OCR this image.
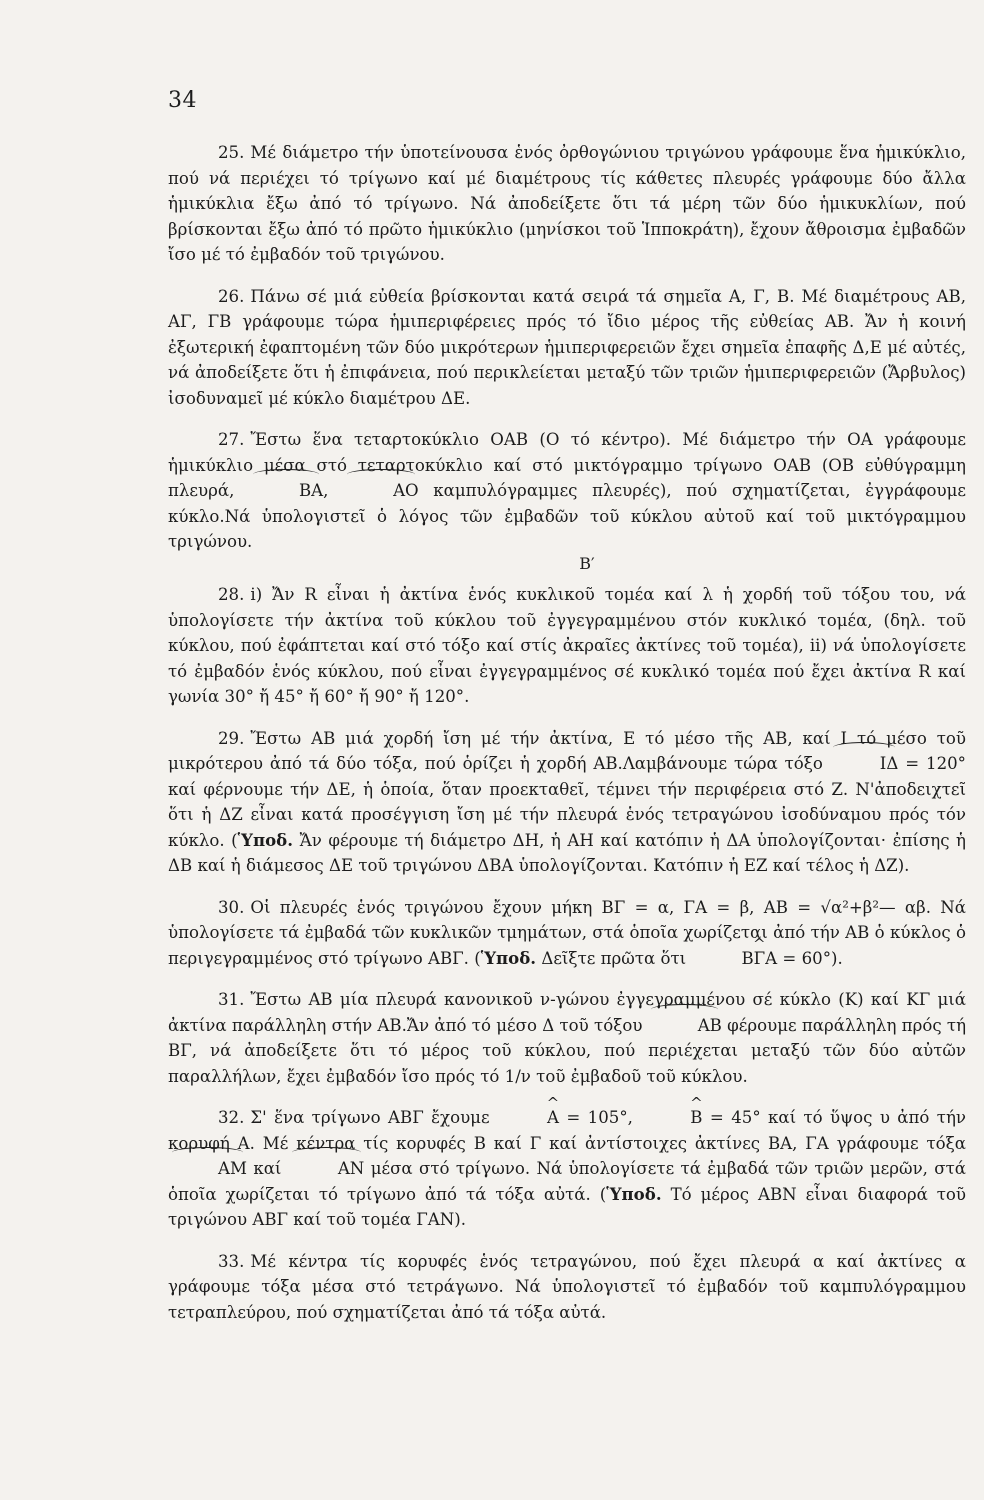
34

25. Μέ διάμετρο τήν ὑποτείνουσα ἑνός ὀρθογώνιου τριγώνου γράφουμε ἕνα ἡμικύκλιο, πού νά περιέχει τό τρίγωνο καί μέ διαμέτρους τίς κάθετες πλευρές γράφουμε δύο ἄλλα ἡμικύκλια ἔξω ἀπό τό τρίγωνο. Νά ἀποδείξετε ὅτι τά μέρη τῶν δύο ἡμικυκλίων, πού βρίσκονται ἔξω ἀπό τό πρῶτο ἡμικύκλιο (μηνίσκοι τοῦ Ἱπποκράτη), ἔχουν ἄθροισμα ἐμβαδῶν ἴσο μέ τό ἐμβαδόν τοῦ τριγώνου.

26. Πάνω σέ μιά εὐθεία βρίσκονται κατά σειρά τά σημεῖα Α, Γ, Β. Μέ διαμέτρους ΑΒ, ΑΓ, ΓΒ γράφουμε τώρα ἡμιπεριφέρειες πρός τό ἴδιο μέρος τῆς εὐθείας ΑΒ. Ἄν ἡ κοινή ἐξωτερική ἐφαπτομένη τῶν δύο μικρότερων ἡμιπεριφερειῶν ἔχει σημεῖα ἐπαφῆς Δ,Ε μέ αὐτές, νά ἀποδείξετε ὅτι ἡ ἐπιφάνεια, πού περικλείεται μεταξύ τῶν τριῶν ἡμιπεριφερειῶν (Ἄρβυλος) ἰσοδυναμεῖ μέ κύκλο διαμέτρου ΔΕ.

27. Ἔστω ἕνα τεταρτοκύκλιο ΟΑΒ (Ο τό κέντρο). Μέ διάμετρο τήν ΟΑ γράφουμε ἡμικύκλιο μέσα στό τεταρτοκύκλιο καί στό μικτόγραμμο τρίγωνο ΟΑΒ (ΟΒ εὐθύγραμμη πλευρά,	ΒΑ,	ΑΟ καμπυλόγραμμες πλευρές), πού σχηματίζεται, ἐγγράφουμε κύκλο.Νά ὑπολογιστεῖ ὁ λόγος τῶν ἐμβαδῶν τοῦ κύκλου αὐτοῦ καί τοῦ μικτόγραμμου τριγώνου.

Β′

28. i) Ἄν R εἶναι ἡ ἀκτίνα ἑνός κυκλικοῦ τομέα καί λ ἡ χορδή τοῦ τόξου του, νά ὑπολογίσετε τήν ἀκτίνα τοῦ κύκλου τοῦ ἐγγεγραμμένου στόν κυκλικό τομέα, (δηλ. τοῦ κύκλου, πού ἐφάπτεται καί στό τόξο καί στίς ἀκραῖες ἀκτίνες τοῦ τομέα), ii) νά ὑπολογίσετε τό ἐμβαδόν ἑνός κύκλου, πού εἶναι ἐγγεγραμμένος σέ κυκλικό τομέα πού ἔχει ἀκτίνα R καί γωνία 30° ἤ 45° ἤ 60° ἤ 90° ἤ 120°.

29. Ἔστω ΑΒ μιά χορδή ἴση μέ τήν ἀκτίνα, Ε τό μέσο τῆς ΑΒ, καί Ι τό μέσο τοῦ μικρότερου ἀπό τά δύο τόξα, πού ὁρίζει ἡ χορδή ΑΒ.Λαμβάνουμε τώρα τόξο	ΙΔ = 120° καί φέρνουμε τήν ΔΕ, ἡ ὁποία, ὅταν προεκταθεῖ, τέμνει τήν περιφέρεια στό Ζ. Ν'ἀποδειχτεῖ ὅτι ἡ ΔΖ εἶναι κατά προσέγγιση ἴση μέ τήν πλευρά ἑνός τετραγώνου ἰσοδύναμου πρός τόν κύκλο. (Ὑποδ. Ἄν φέρουμε τή διάμετρο ΔΗ, ἡ ΑΗ καί κατόπιν ἡ ΔΑ ὑπολογίζονται· ἐπίσης ἡ ΔΒ καί ἡ διάμεσος ΔΕ τοῦ τριγώνου ΔΒΑ ὑπολογίζονται. Κατόπιν ἡ ΕΖ καί τέλος ἡ ΔΖ).

30. Οἱ πλευρές ἑνός τριγώνου ἔχουν μήκη ΒΓ = α, ΓΑ = β, ΑΒ = √α²+β²— αβ. Νά ὑπολογίσετε τά ἐμβαδά τῶν κυκλικῶν τμημάτων, στά ὁποῖα χωρίζεται ἀπό τήν ΑΒ ὁ κύκλος ὁ περιγεγραμμένος στό τρίγωνο ΑΒΓ. (Ὑποδ. Δεῖξτε πρῶτα ὅτι	^ ΒΓΑ = 60°).

31. Ἔστω ΑΒ μία πλευρά κανονικοῦ ν-γώνου ἐγγεγραμμένου σέ κύκλο (Κ) καί ΚΓ μιά ἀκτίνα παράλληλη στήν ΑΒ.Ἄν ἀπό τό μέσο Δ τοῦ τόξου	ΑΒ φέρουμε παράλληλη πρός τή ΒΓ, νά ἀποδείξετε ὅτι τό μέρος τοῦ κύκλου, πού περιέχεται μεταξύ τῶν δύο αὐτῶν παραλλήλων, ἔχει ἐμβαδόν ἴσο πρός τό 1/ν τοῦ ἐμβαδοῦ τοῦ κύκλου.

32. Σ' ἕνα τρίγωνο ΑΒΓ ἔχουμε	^ Α = 105°,	^ Β = 45° καί τό ὕψος υ ἀπό τήν κορυφή Α. Μέ κέντρα τίς κορυφές Β καί Γ καί ἀντίστοιχες ἀκτίνες ΒΑ, ΓΑ γράφουμε τόξα ΑΜ καί	ΑΝ μέσα στό τρίγωνο. Νά ὑπολογίσετε τά ἐμβαδά τῶν τριῶν μερῶν, στά ὁποῖα χωρίζεται τό τρίγωνο ἀπό τά τόξα αὐτά. (Ὑποδ. Τό μέρος ΑΒΝ εἶναι διαφορά τοῦ τριγώνου ΑΒΓ καί τοῦ τομέα ΓΑΝ).

33. Μέ κέντρα τίς κορυφές ἑνός τετραγώνου, πού ἔχει πλευρά α καί ἀκτίνες α γράφουμε τόξα μέσα στό τετράγωνο. Νά ὑπολογιστεῖ τό ἐμβαδόν τοῦ καμπυλόγραμμου τετραπλεύρου, πού σχηματίζεται ἀπό τά τόξα αὐτά.
